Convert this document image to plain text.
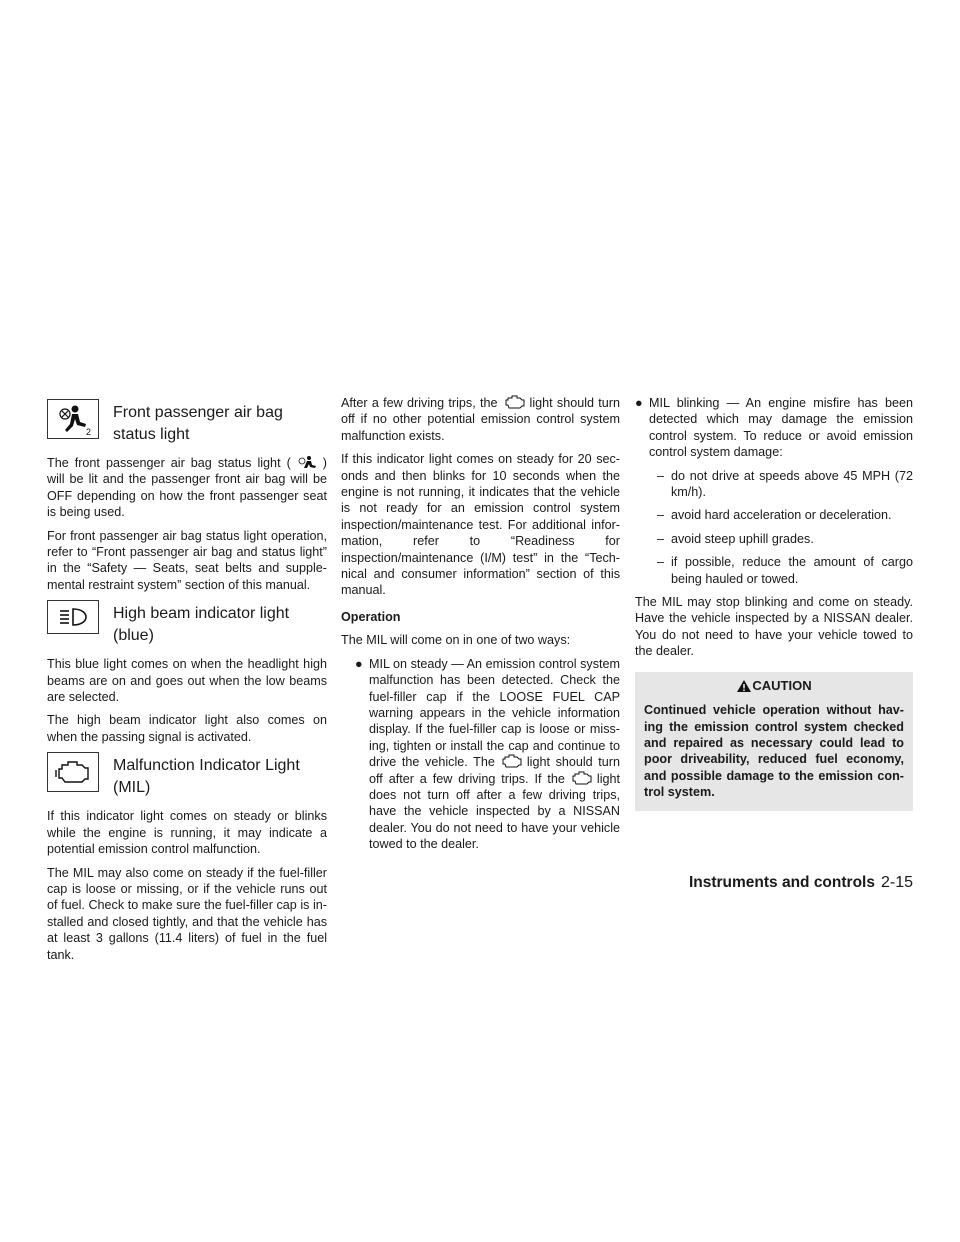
2
Front passenger air bag status light

The front passenger air bag status light (	) will be lit and the passenger front air bag will be OFF depending on how the front passenger seat is being used.

For front passenger air bag status light operation, refer to “Front passenger air bag and status light” in the “Safety — Seats, seat belts and supple-mental restraint system” section of this manual.

High beam indicator light (blue)

This blue light comes on when the headlight high beams are on and goes out when the low beams are selected.

The high beam indicator light also comes on when the passing signal is activated.

Malfunction Indicator Light (MIL)

If this indicator light comes on steady or blinks while the engine is running, it may indicate a potential emission control malfunction.

The MIL may also come on steady if the fuel-filler cap is loose or missing, or if the vehicle runs out of fuel. Check to make sure the fuel-filler cap is in-stalled and closed tightly, and that the vehicle has at least 3 gallons (11.4 liters) of fuel in the fuel tank.

After a few driving trips, the	light should turn off if no other potential emission control system malfunction exists.

If this indicator light comes on steady for 20 sec-onds and then blinks for 10 seconds when the engine is not running, it indicates that the vehicle is not ready for an emission control system inspection/maintenance test. For additional infor-mation, refer to “Readiness for inspection/maintenance (I/M) test” in the “Tech-nical and consumer information” section of this manual.

Operation

The MIL will come on in one of two ways:

● MIL on steady — An emission control system malfunction has been detected. Check the fuel-filler cap if the LOOSE FUEL CAP warning appears in the vehicle information display. If the fuel-filler cap is loose or miss-ing, tighten or install the cap and continue to drive the vehicle. The	light should turn off after a few driving trips. If the	light does not turn off after a few driving trips, have the vehicle inspected by a NISSAN dealer. You do not need to have your vehicle towed to the dealer.
● MIL blinking — An engine misfire has been detected which may damage the emission control system. To reduce or avoid emission control system damage:
– do not drive at speeds above 45 MPH (72 km/h).
– avoid hard acceleration or deceleration.
– avoid steep uphill grades.
– if possible, reduce the amount of cargo being hauled or towed.

The MIL may stop blinking and come on steady. Have the vehicle inspected by a NISSAN dealer. You do not need to have your vehicle towed to the dealer.

CAUTION
Continued vehicle operation without hav-ing the emission control system checked and repaired as necessary could lead to poor driveability, reduced fuel economy, and possible damage to the emission con-trol system.
Instruments and controls 2-15
